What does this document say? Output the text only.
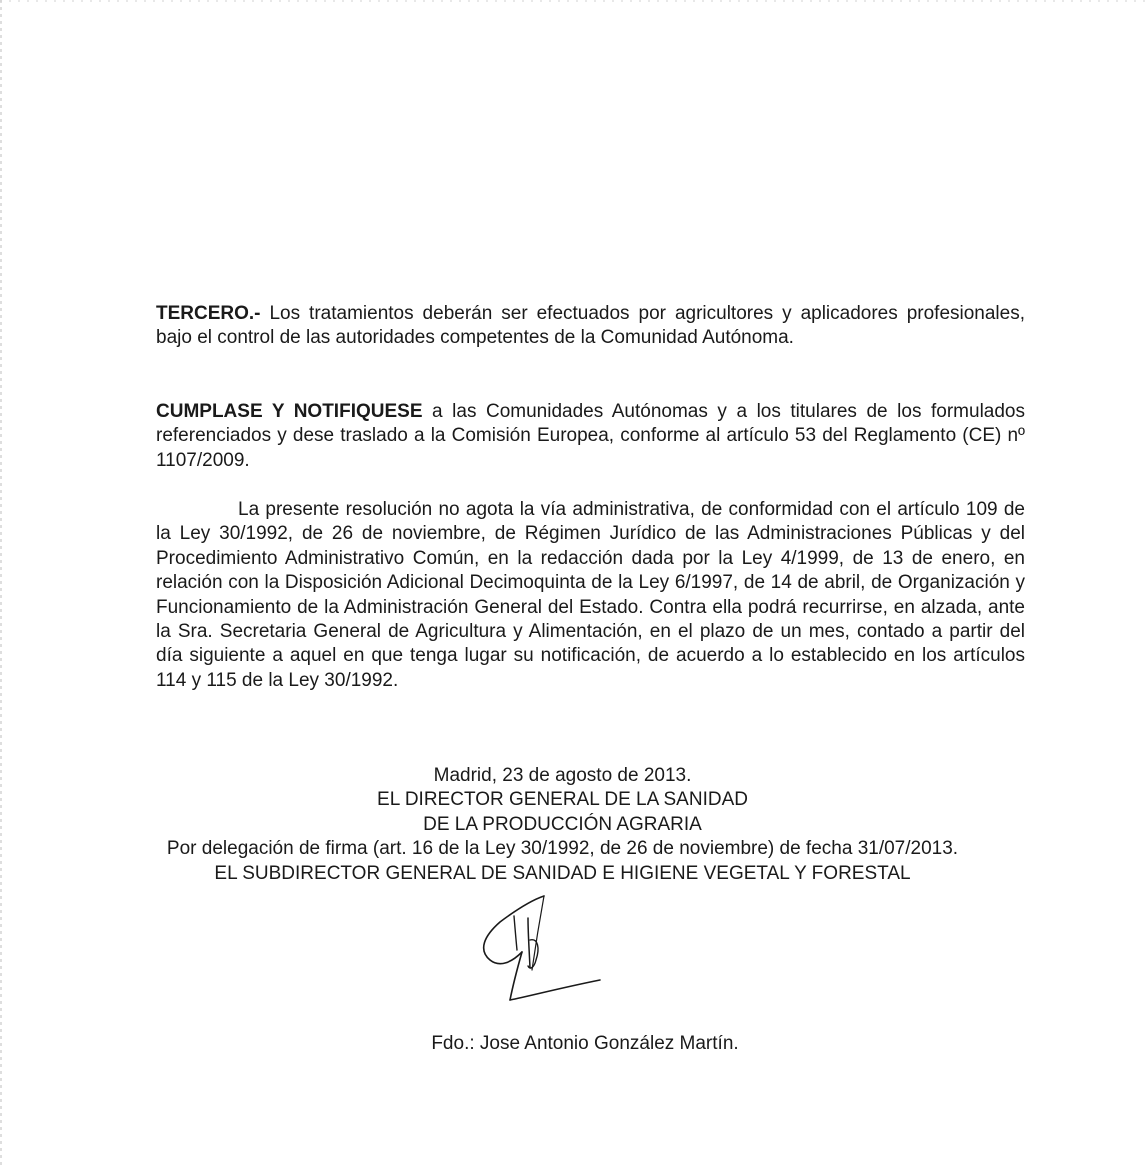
TERCERO.- Los tratamientos deberán ser efectuados por agricultores y aplicadores profesionales, bajo el control de las autoridades competentes de la Comunidad Autónoma.

CUMPLASE Y NOTIFIQUESE a las Comunidades Autónomas y a los titulares de los formulados referenciados y dese traslado a la Comisión Europea, conforme al artículo 53 del Reglamento (CE) nº 1107/2009.

La presente resolución no agota la vía administrativa, de conformidad con el artículo 109 de la Ley 30/1992, de 26 de noviembre, de Régimen Jurídico de las Administraciones Públicas y del Procedimiento Administrativo Común, en la redacción dada por la Ley 4/1999, de 13 de enero, en relación con la Disposición Adicional Decimoquinta de la Ley 6/1997, de 14 de abril, de Organización y Funcionamiento de la Administración General del Estado. Contra ella podrá recurrirse, en alzada, ante la Sra. Secretaria General de Agricultura y Alimentación, en el plazo de un mes, contado a partir del día siguiente a aquel en que tenga lugar su notificación, de acuerdo a lo establecido en los artículos 114 y 115 de la Ley 30/1992.

Madrid, 23 de agosto de 2013.
EL DIRECTOR GENERAL DE LA SANIDAD
DE LA PRODUCCIÓN AGRARIA
Por delegación de firma (art. 16 de la Ley 30/1992, de 26 de noviembre) de fecha 31/07/2013.
EL SUBDIRECTOR GENERAL DE SANIDAD E HIGIENE VEGETAL Y FORESTAL
Fdo.: Jose Antonio González Martín.
